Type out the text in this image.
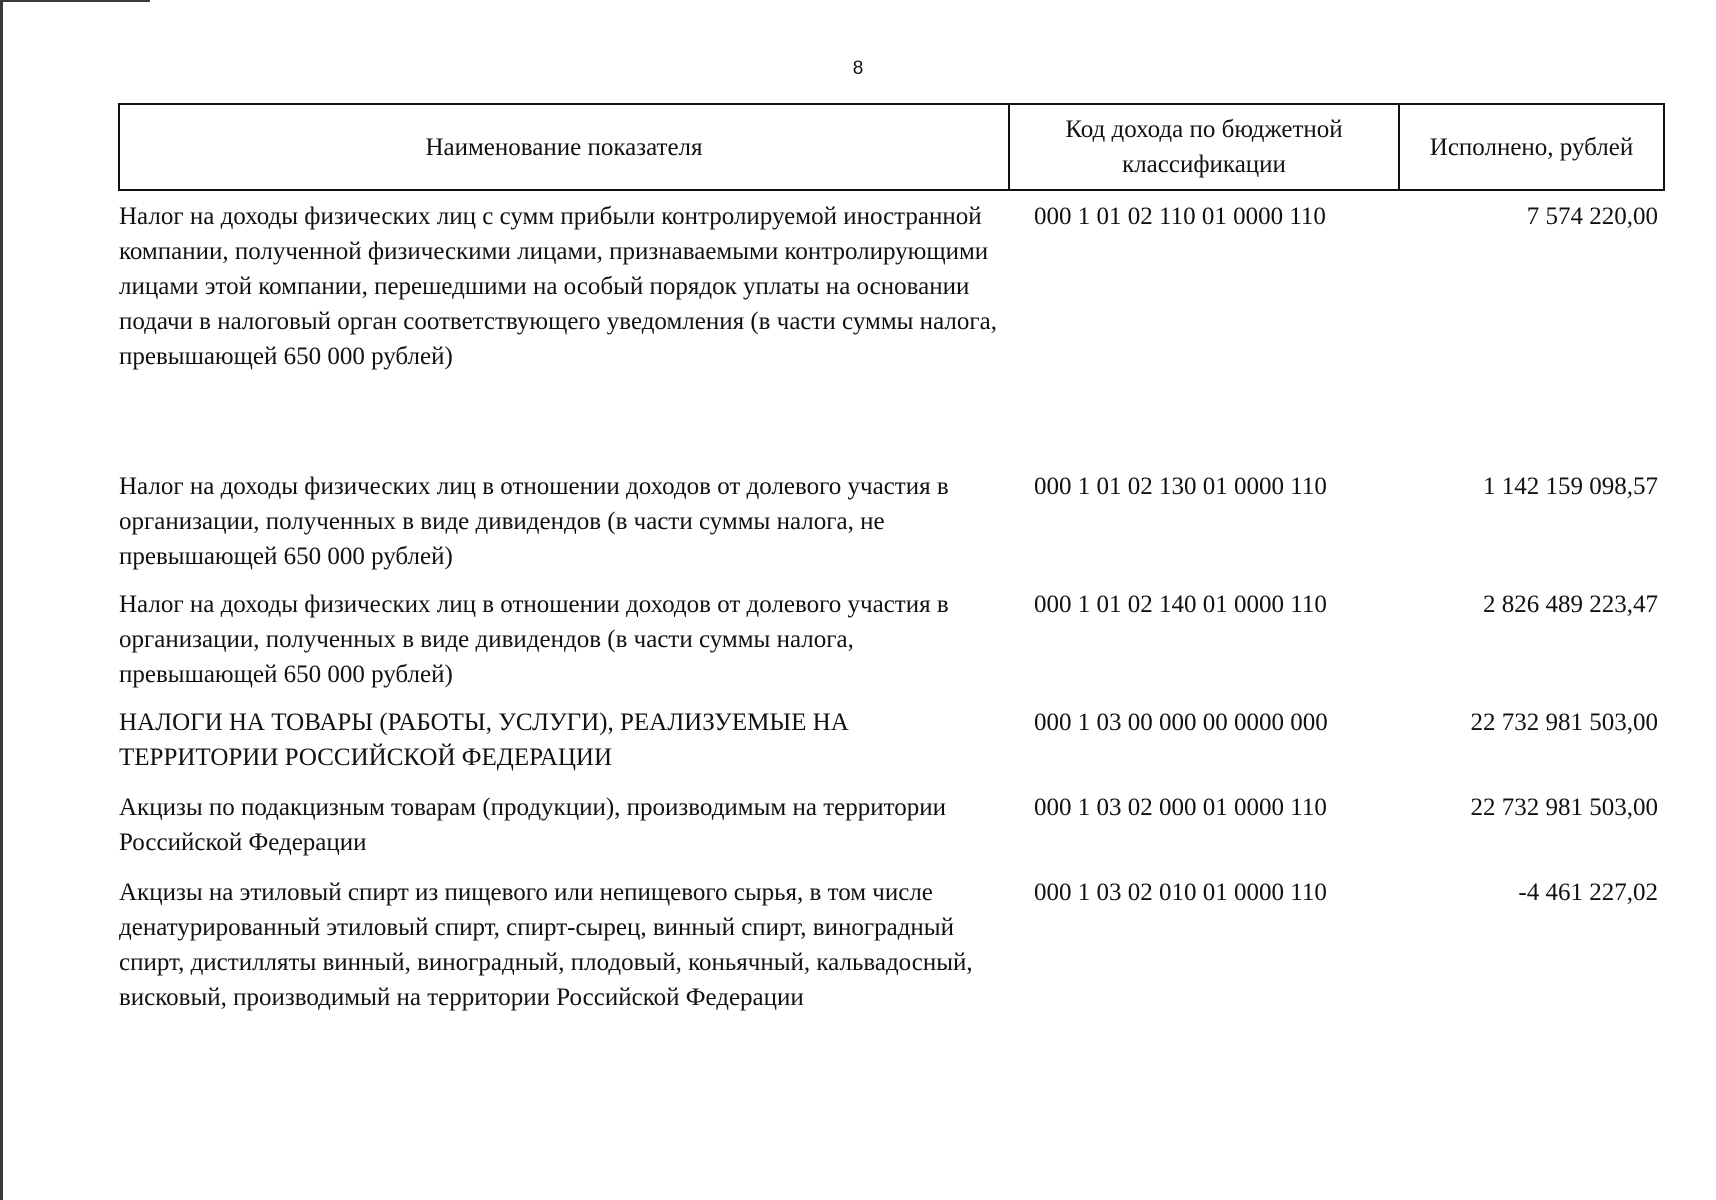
8
Наименование показателя	Код дохода по бюджетной классификации	Исполнено, рублей
Налог на доходы физических лиц с сумм прибыли контролируемой иностранной компании, полученной физическими лицами, признаваемыми контролирующими лицами этой компании, перешедшими на особый порядок уплаты на основании подачи в налоговый орган соответствующего уведомления (в части суммы налога, превышающей 650 000 рублей)	000 1 01 02 110 01 0000 110	7 574 220,00
Налог на доходы физических лиц в отношении доходов от долевого участия в организации, полученных в виде дивидендов (в части суммы налога, не превышающей 650 000 рублей)	000 1 01 02 130 01 0000 110	1 142 159 098,57
Налог на доходы физических лиц в отношении доходов от долевого участия в организации, полученных в виде дивидендов (в части суммы налога, превышающей 650 000 рублей)	000 1 01 02 140 01 0000 110	2 826 489 223,47
НАЛОГИ НА ТОВАРЫ (РАБОТЫ, УСЛУГИ), РЕАЛИЗУЕМЫЕ НА ТЕРРИТОРИИ РОССИЙСКОЙ ФЕДЕРАЦИИ	000 1 03 00 000 00 0000 000	22 732 981 503,00
Акцизы по подакцизным товарам (продукции), производимым на территории Российской Федерации	000 1 03 02 000 01 0000 110	22 732 981 503,00
Акцизы на этиловый спирт из пищевого или непищевого сырья, в том числе денатурированный этиловый спирт, спирт-сырец, винный спирт, виноградный спирт, дистилляты винный, виноградный, плодовый, коньячный, кальвадосный, висковый, производимый на территории Российской Федерации	000 1 03 02 010 01 0000 110	-4 461 227,02
